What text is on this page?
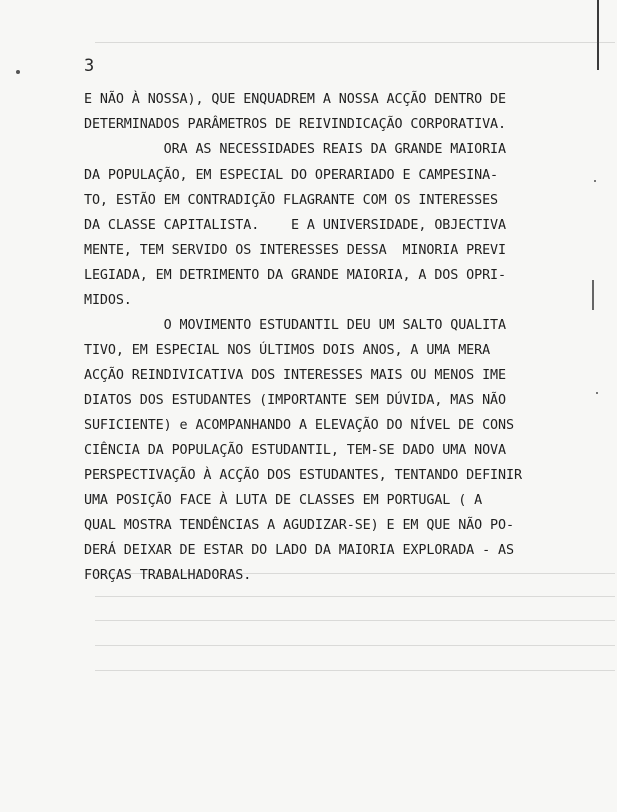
3
E NÃO À NOSSA), QUE ENQUADREM A NOSSA ACÇÃO DENTRO DE
DETERMINADOS PARÂMETROS DE REIVINDICAÇÃO CORPORATIVA.
ORA AS NECESSIDADES REAIS DA GRANDE MAIORIA
DA POPULAÇÃO, EM ESPECIAL DO OPERARIADO E CAMPESINA-
TO, ESTÃO EM CONTRADIÇÃO FLAGRANTE COM OS INTERESSES
DA CLASSE CAPITALISTA.    E A UNIVERSIDADE, OBJECTIVA
MENTE, TEM SERVIDO OS INTERESSES DESSA  MINORIA PREVI
LEGIADA, EM DETRIMENTO DA GRANDE MAIORIA, A DOS OPRI-
MIDOS.
O MOVIMENTO ESTUDANTIL DEU UM SALTO QUALITA
TIVO, EM ESPECIAL NOS ÚLTIMOS DOIS ANOS, A UMA MERA
ACÇÃO REINDIVICATIVA DOS INTERESSES MAIS OU MENOS IME
DIATOS DOS ESTUDANTES (IMPORTANTE SEM DÚVIDA, MAS NÃO
SUFICIENTE) e ACOMPANHANDO A ELEVAÇÃO DO NÍVEL DE CONS
CIÊNCIA DA POPULAÇÃO ESTUDANTIL, TEM-SE DADO UMA NOVA
PERSPECTIVAÇÃO À ACÇÃO DOS ESTUDANTES, TENTANDO DEFINIR
UMA POSIÇÃO FACE À LUTA DE CLASSES EM PORTUGAL ( A
QUAL MOSTRA TENDÊNCIAS A AGUDIZAR-SE) E EM QUE NÃO PO-
DERÁ DEIXAR DE ESTAR DO LADO DA MAIORIA EXPLORADA - AS
FORÇAS TRABALHADORAS.
